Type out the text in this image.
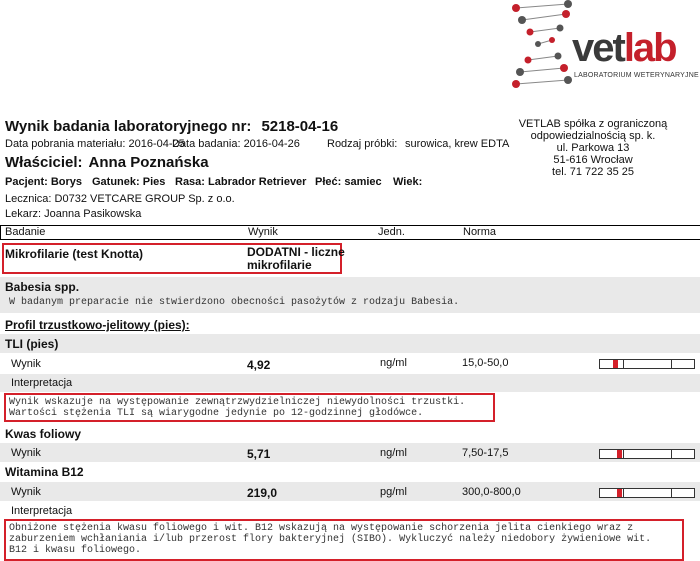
vetlab
LABORATORIUM WETERYNARYJNE
Wynik badania laboratoryjnego nr: 5218-04-16
Data pobrania materiału: 2016-04-25
Data badania: 2016-04-26 Rodzaj próbki: surowica, krew EDTA
VETLAB spółka z ograniczoną
odpowiedzialnością sp. k.
ul. Parkowa 13
51-616 Wrocław
tel. 71 722 35 25
Właściciel: Anna Poznańska
Pacjent: Borys Gatunek: Pies Rasa: Labrador Retriever Płeć: samiec Wiek:
Lecznica: D0732 VETCARE GROUP Sp. z o.o.
Lekarz: Joanna Pasikowska
Badanie	Wynik	Jedn.	Norma
Mikrofilarie (test Knotta)	DODATNI - liczne
mikrofilarie
Babesia spp.
W badanym preparacie nie stwierdzono obecności pasożytów z rodzaju Babesia.
Profil trzustkowo-jelitowy (pies):
TLI (pies)
Wynik	4,92	ng/ml	15,0-50,0
Interpretacja
Wynik wskazuje na występowanie zewnątrzwydzielniczej niewydolności trzustki.
Wartości stężenia TLI są wiarygodne jedynie po 12-godzinnej głodówce.
Kwas foliowy
Wynik	5,71	ng/ml	7,50-17,5
Witamina B12
Wynik	219,0	pg/ml	300,0-800,0
Interpretacja
Obniżone stężenia kwasu foliowego i wit. B12 wskazują na występowanie schorzenia jelita cienkiego wraz z
zaburzeniem wchłaniania i/lub przerost flory bakteryjnej (SIBO). Wykluczyć należy niedobory żywieniowe wit.
B12 i kwasu foliowego.
